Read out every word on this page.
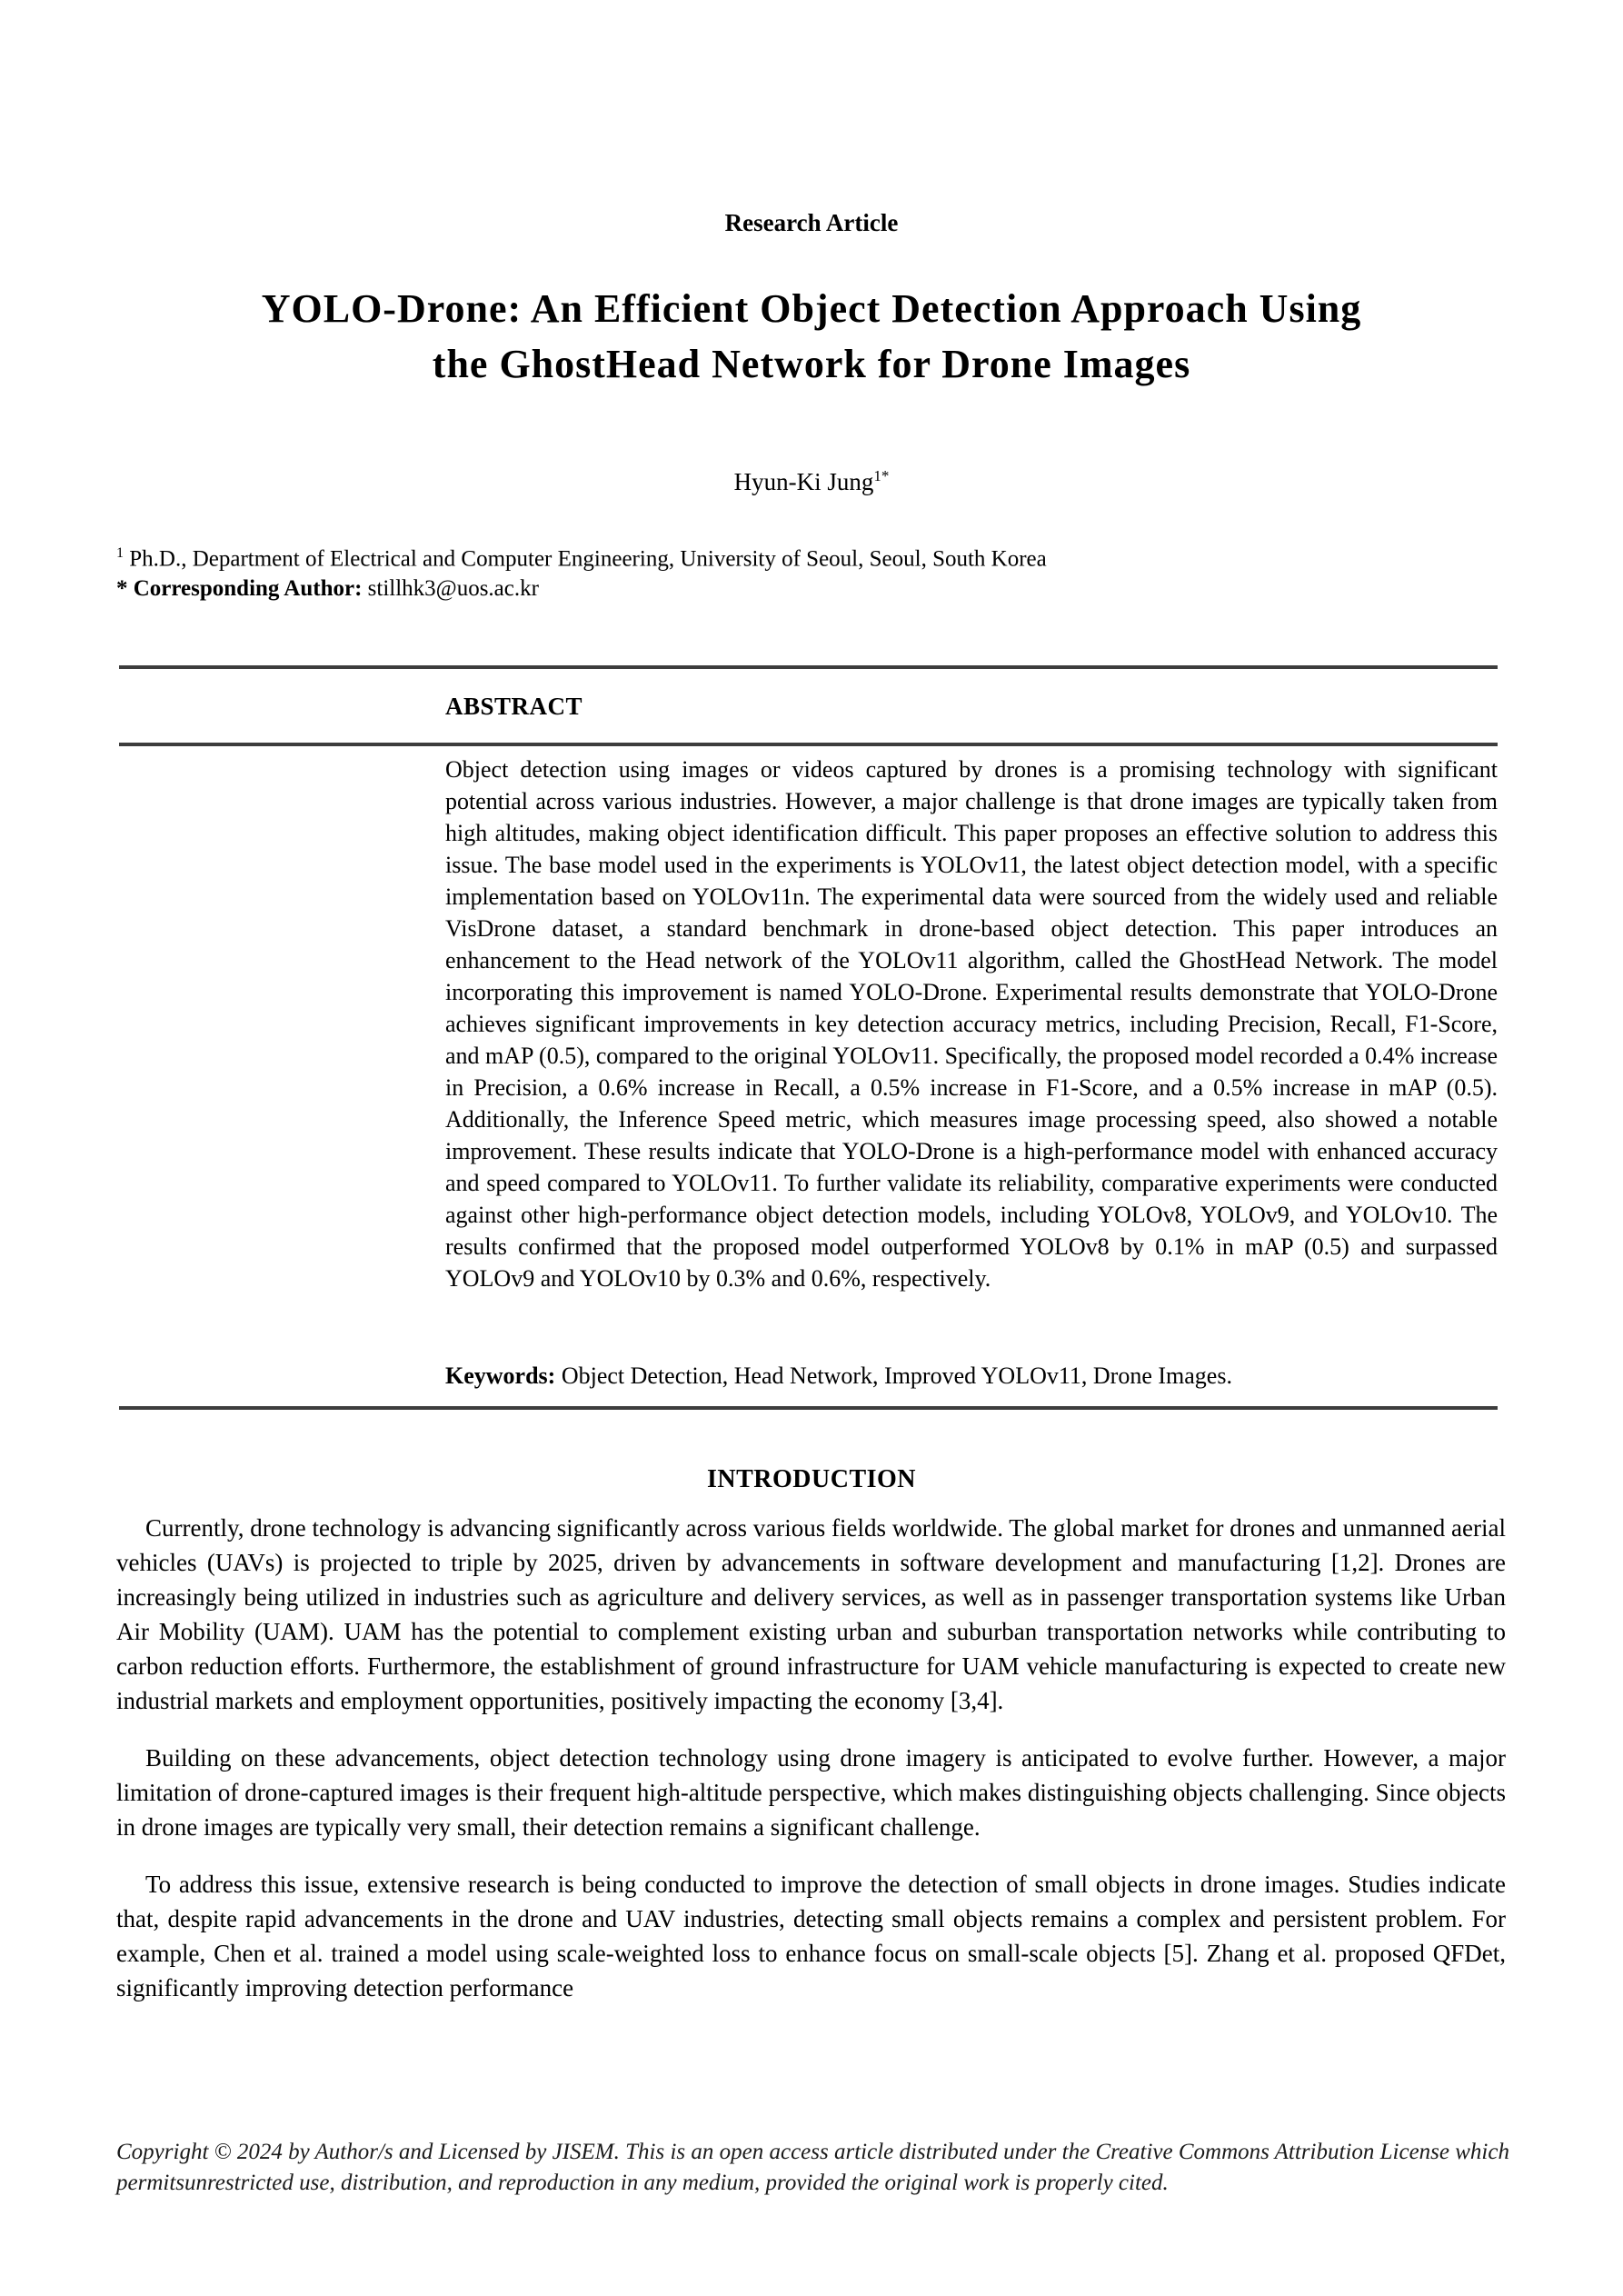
Research Article
YOLO-Drone: An Efficient Object Detection Approach Using
the GhostHead Network for Drone Images
Hyun-Ki Jung$^{1*}$
$^1$ Ph.D., Department of Electrical and Computer Engineering, University of Seoul, Seoul, South Korea
* Corresponding Author: stillhk3@uos.ac.kr
ABSTRACT

Object detection using images or videos captured by drones is a promising technology with significant potential across various industries. However, a major challenge is that drone images are typically taken from high altitudes, making object identification difficult. This paper proposes an effective solution to address this issue. The base model used in the experiments is YOLOv11, the latest object detection model, with a specific implementation based on YOLOv11n. The experimental data were sourced from the widely used and reliable VisDrone dataset, a standard benchmark in drone-based object detection. This paper introduces an enhancement to the Head network of the YOLOv11 algorithm, called the GhostHead Network. The model incorporating this improvement is named YOLO-Drone. Experimental results demonstrate that YOLO-Drone achieves significant improvements in key detection accuracy metrics, including Precision, Recall, F1-Score, and mAP (0.5), compared to the original YOLOv11. Specifically, the proposed model recorded a 0.4% increase in Precision, a 0.6% increase in Recall, a 0.5% increase in F1-Score, and a 0.5% increase in mAP (0.5). Additionally, the Inference Speed metric, which measures image processing speed, also showed a notable improvement. These results indicate that YOLO-Drone is a high-performance model with enhanced accuracy and speed compared to YOLOv11. To further validate its reliability, comparative experiments were conducted against other high-performance object detection models, including YOLOv8, YOLOv9, and YOLOv10. The results confirmed that the proposed model outperformed YOLOv8 by 0.1% in mAP (0.5) and surpassed YOLOv9 and YOLOv10 by 0.3% and 0.6%, respectively.

Keywords: Object Detection, Head Network, Improved YOLOv11, Drone Images.

INTRODUCTION

Currently, drone technology is advancing significantly across various fields worldwide. The global market for drones and unmanned aerial vehicles (UAVs) is projected to triple by 2025, driven by advancements in software development and manufacturing [1,2]. Drones are increasingly being utilized in industries such as agriculture and delivery services, as well as in passenger transportation systems like Urban Air Mobility (UAM). UAM has the potential to complement existing urban and suburban transportation networks while contributing to carbon reduction efforts. Furthermore, the establishment of ground infrastructure for UAM vehicle manufacturing is expected to create new industrial markets and employment opportunities, positively impacting the economy [3,4].

Building on these advancements, object detection technology using drone imagery is anticipated to evolve further. However, a major limitation of drone-captured images is their frequent high-altitude perspective, which makes distinguishing objects challenging. Since objects in drone images are typically very small, their detection remains a significant challenge.

To address this issue, extensive research is being conducted to improve the detection of small objects in drone images. Studies indicate that, despite rapid advancements in the drone and UAV industries, detecting small objects remains a complex and persistent problem. For example, Chen et al. trained a model using scale-weighted loss to enhance focus on small-scale objects [5]. Zhang et al. proposed QFDet, significantly improving detection performance

Copyright © 2024 by Author/s and Licensed by JISEM. This is an open access article distributed under the Creative Commons Attribution License which permitsunrestricted use, distribution, and reproduction in any medium, provided the original work is properly cited.
